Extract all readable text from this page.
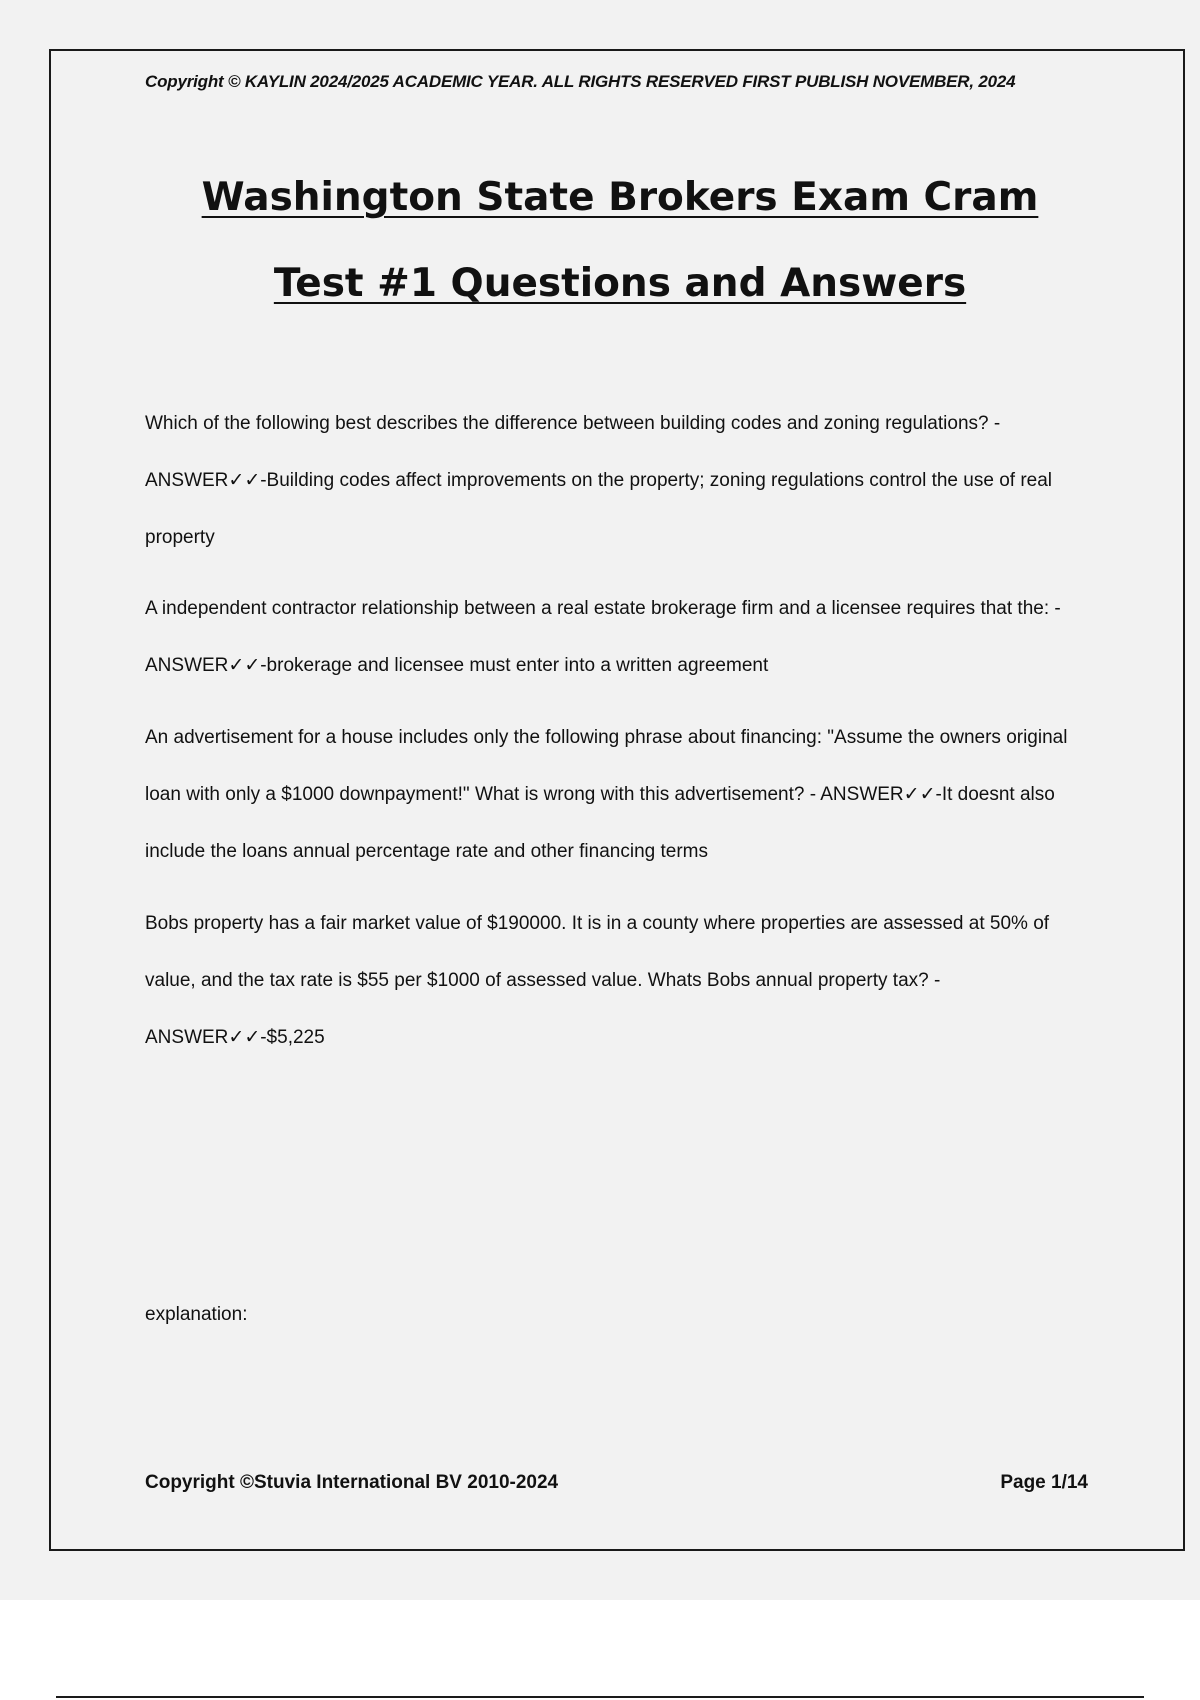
Copyright © KAYLIN 2024/2025 ACADEMIC YEAR. ALL RIGHTS RESERVED FIRST PUBLISH NOVEMBER, 2024
Washington State Brokers Exam Cram
Test #1 Questions and Answers

Which of the following best describes the difference between building codes and zoning regulations? - ANSWER✓✓-Building codes affect improvements on the property; zoning regulations control the use of real property

A independent contractor relationship between a real estate brokerage firm and a licensee requires that the: - ANSWER✓✓-brokerage and licensee must enter into a written agreement

An advertisement for a house includes only the following phrase about financing: "Assume the owners original loan with only a $1000 downpayment!" What is wrong with this advertisement? - ANSWER✓✓-It doesnt also include the loans annual percentage rate and other financing terms

Bobs property has a fair market value of $190000. It is in a county where properties are assessed at 50% of value, and the tax rate is $55 per $1000 of assessed value. Whats Bobs annual property tax? - ANSWER✓✓-$5,225

explanation:
Copyright ©Stuvia International BV 2010-2024	Page 1/14
